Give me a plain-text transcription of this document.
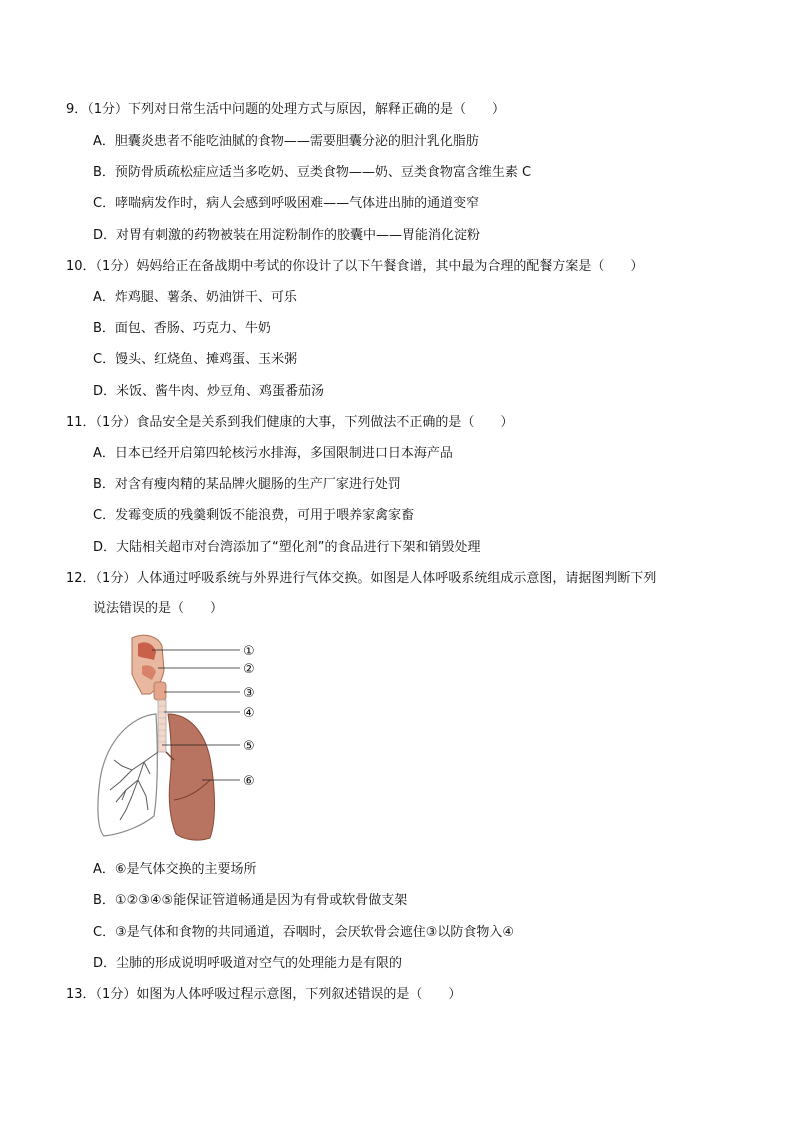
9．（1分）下列对日常生活中问题的处理方式与原因，解释正确的是（　　）
A．胆囊炎患者不能吃油腻的食物——需要胆囊分泌的胆汁乳化脂肪
B．预防骨质疏松症应适当多吃奶、豆类食物——奶、豆类食物富含维生素 C
C．哮喘病发作时，病人会感到呼吸困难——气体进出肺的通道变窄
D．对胃有刺激的药物被装在用淀粉制作的胶囊中——胃能消化淀粉
10．（1分）妈妈给正在备战期中考试的你设计了以下午餐食谱，其中最为合理的配餐方案是（　　）
A．炸鸡腿、薯条、奶油饼干、可乐
B．面包、香肠、巧克力、牛奶
C．馒头、红烧鱼、摊鸡蛋、玉米粥
D．米饭、酱牛肉、炒豆角、鸡蛋番茄汤
11．（1分）食品安全是关系到我们健康的大事，下列做法不正确的是（　　）
A．日本已经开启第四轮核污水排海，多国限制进口日本海产品
B．对含有瘦肉精的某品牌火腿肠的生产厂家进行处罚
C．发霉变质的残羹剩饭不能浪费，可用于喂养家禽家畜
D．大陆相关超市对台湾添加了“塑化剂”的食品进行下架和销毁处理
12．（1分）人体通过呼吸系统与外界进行气体交换。如图是人体呼吸系统组成示意图，请据图判断下列
说法错误的是（　　）
①
②
③
④
⑤
⑥
A．⑥是气体交换的主要场所
B．①②③④⑤能保证管道畅通是因为有骨或软骨做支架
C．③是气体和食物的共同通道，吞咽时，会厌软骨会遮住③以防食物入④
D．尘肺的形成说明呼吸道对空气的处理能力是有限的
13．（1分）如图为人体呼吸过程示意图，下列叙述错误的是（　　）
